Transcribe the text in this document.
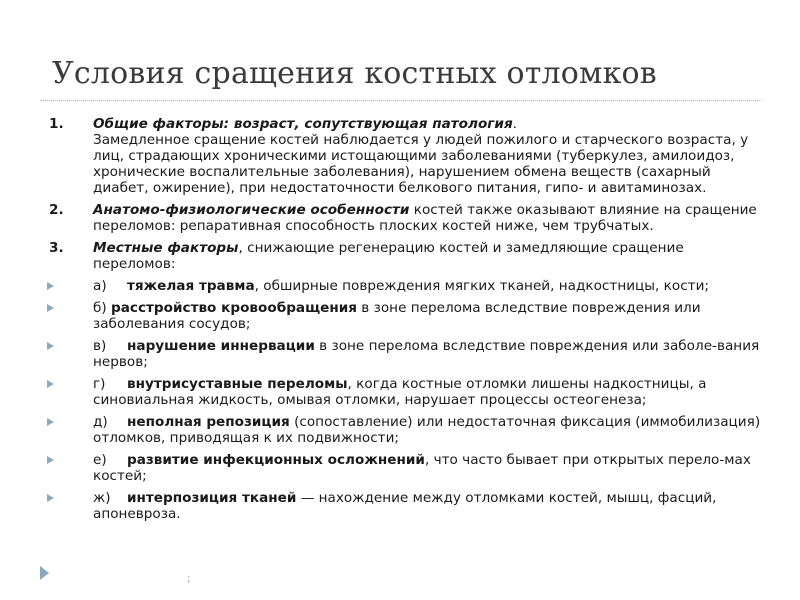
Условия сращения костных отломков
1. Общие факторы: возраст, сопутствующая патология.
Замедленное сращение костей наблюдается у людей пожилого и старческого возраста, у лиц, страдающих хроническими истощающими заболеваниями (туберкулез, амилоидоз, хронические воспалительные заболевания), нарушением обмена веществ (сахарный диабет, ожирение), при недостаточности белкового питания, гипо- и авитаминозах.
2. Анатомо-физиологические особенности костей также оказывают влияние на сращение переломов: репаративная способность плоских костей ниже, чем трубчатых.
3. Местные факторы, снижающие регенерацию костей и замедляющие сращение переломов:
а) тяжелая травма, обширные повреждения мягких тканей, надкостницы, кости;
б) расстройство кровообращения в зоне перелома вследствие повреждения или заболевания сосудов;
в) нарушение иннервации в зоне перелома вследствие повреждения или заболе-вания нервов;
г) внутрисуставные переломы, когда костные отломки лишены надкостницы, а синовиальная жидкость, омывая отломки, нарушает процессы остеогенеза;
д) неполная репозиция (сопоставление) или недостаточная фиксация (иммобилизация) отломков, приводящая к их подвижности;
е) развитие инфекционных осложнений, что часто бывает при открытых перело-мах костей;
ж) интерпозиция тканей — нахождение между отломками костей, мышц, фасций, апоневроза.
;
